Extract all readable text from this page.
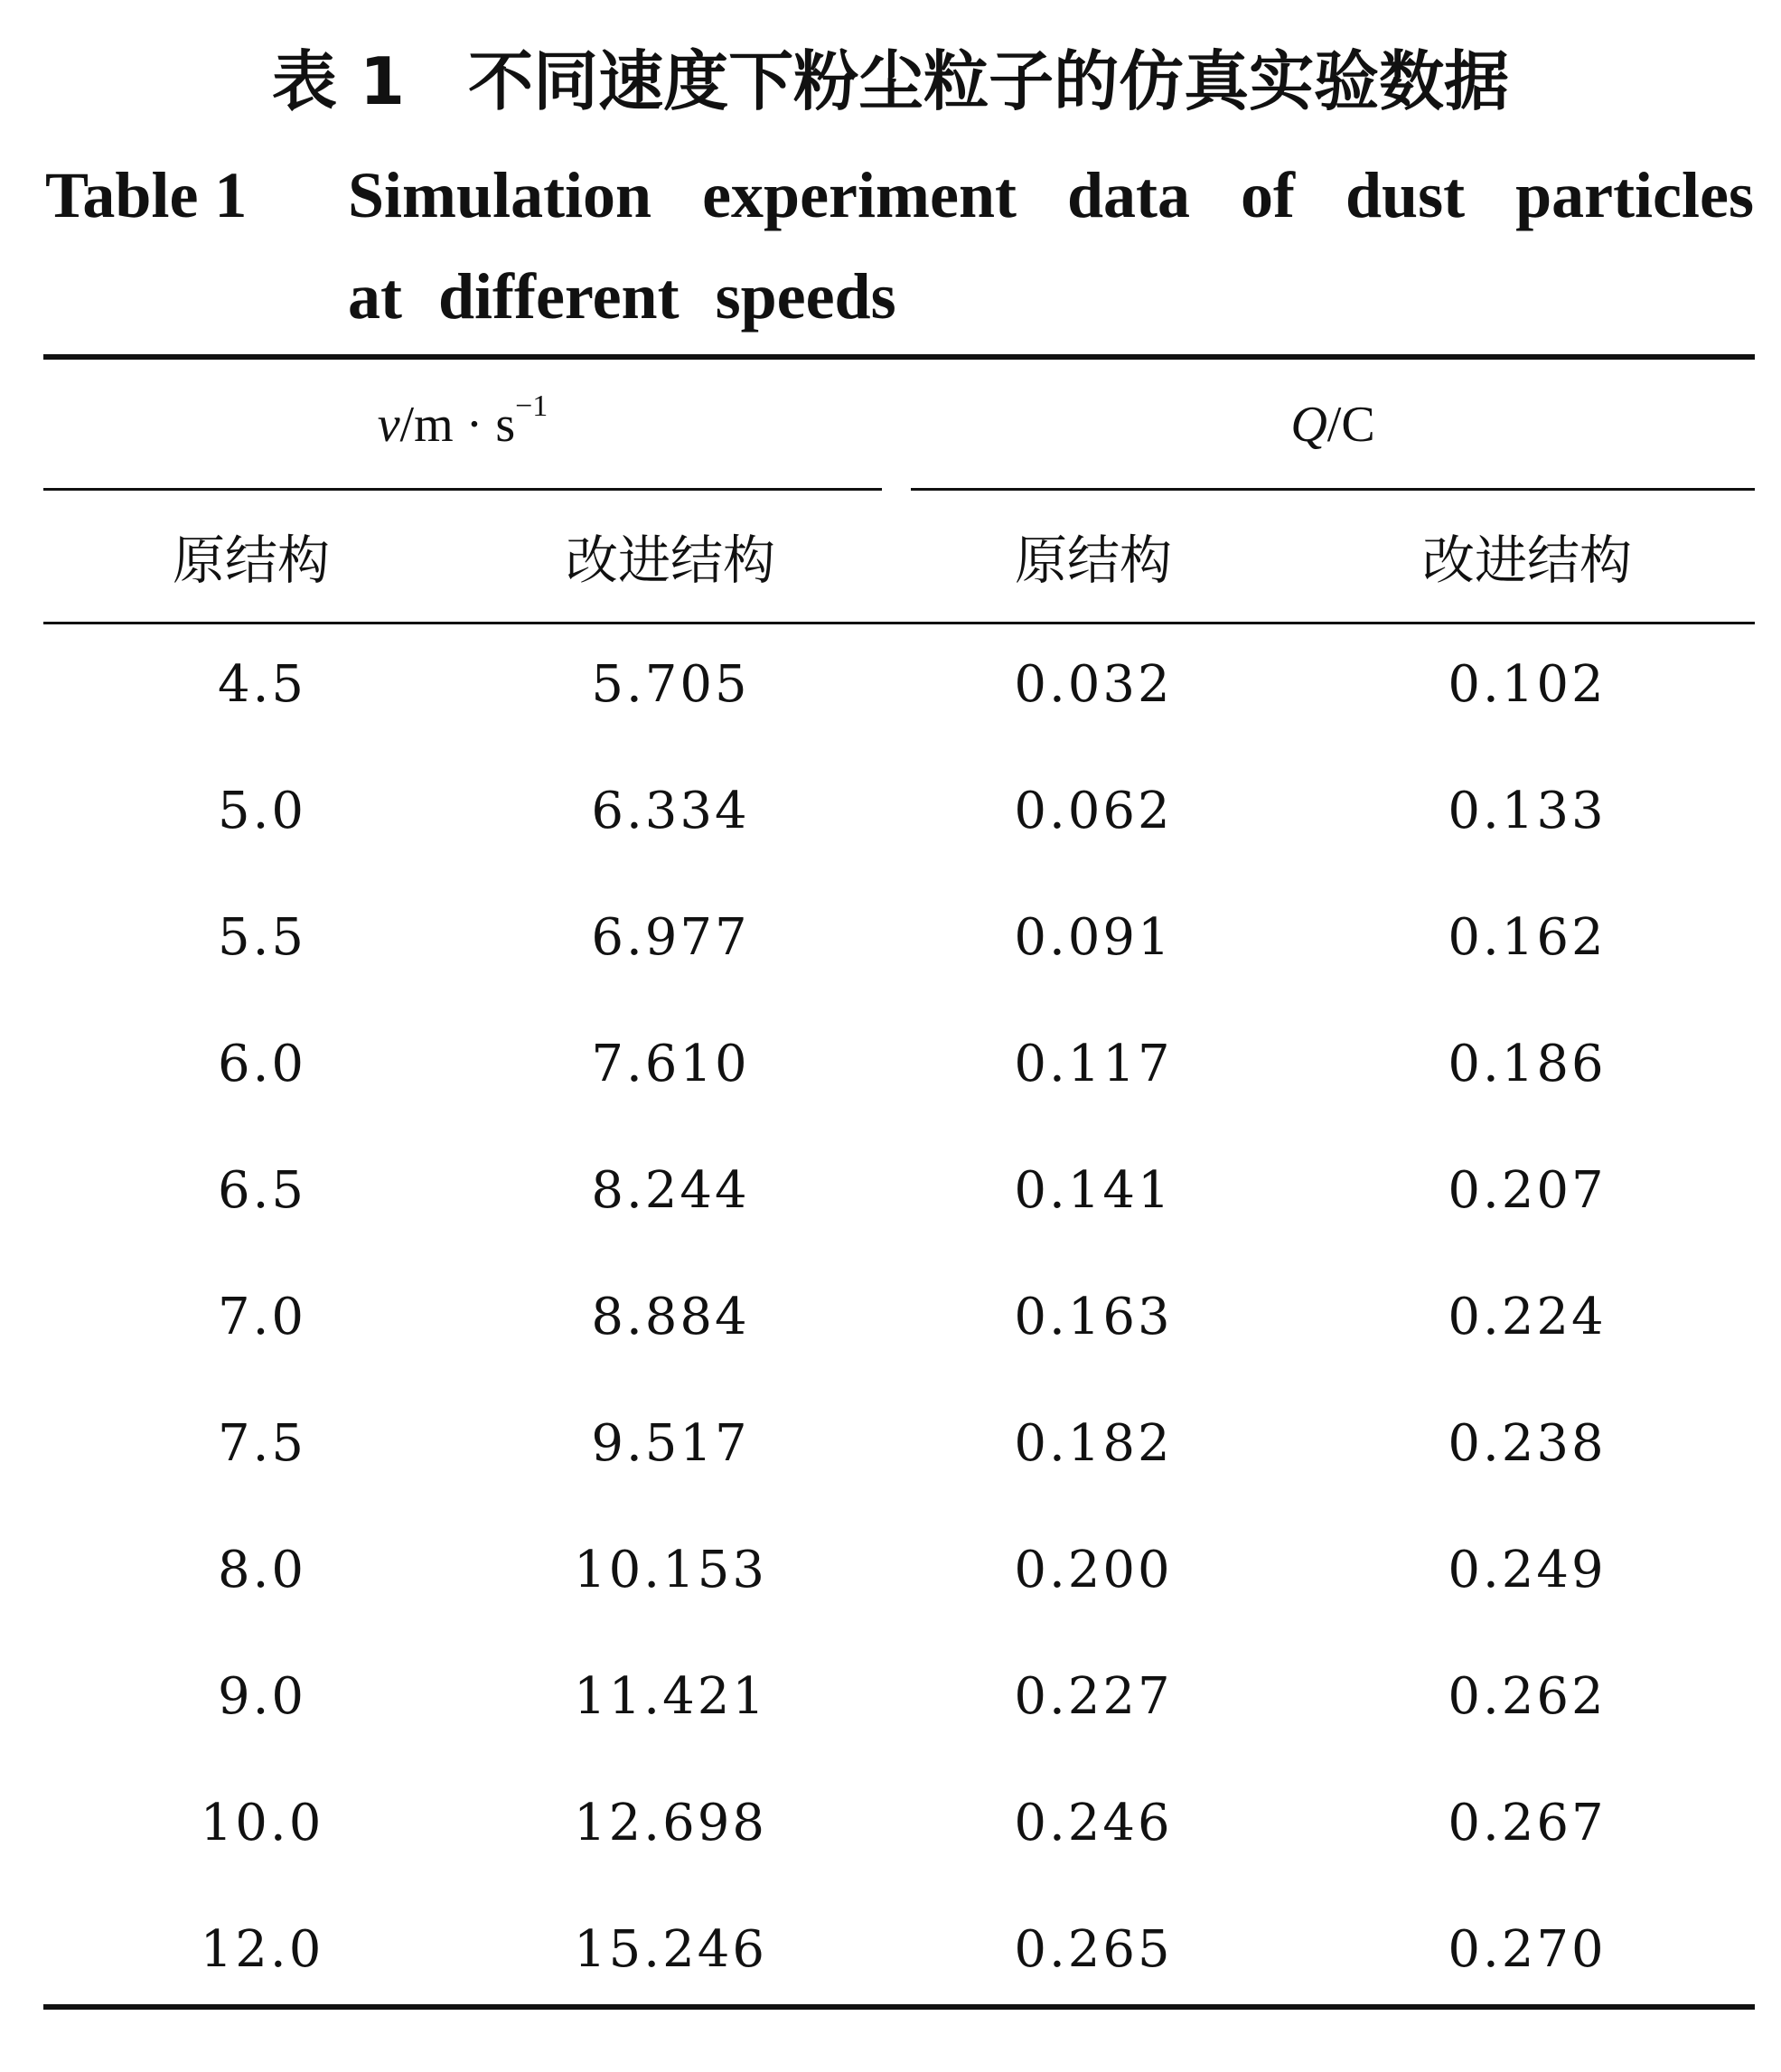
表 1 不同速度下粉尘粒子的仿真实验数据
Table 1 Simulation experiment data of dust particles at different speeds
$v/m \cdot s^{-1}$	Q/C
原结构	改进结构	原结构	改进结构
4.5	5.705	0.032	0.102
5.0	6.334	0.062	0.133
5.5	6.977	0.091	0.162
6.0	7.610	0.117	0.186
6.5	8.244	0.141	0.207
7.0	8.884	0.163	0.224
7.5	9.517	0.182	0.238
8.0	10.153	0.200	0.249
9.0	11.421	0.227	0.262
10.0	12.698	0.246	0.267
12.0	15.246	0.265	0.270
